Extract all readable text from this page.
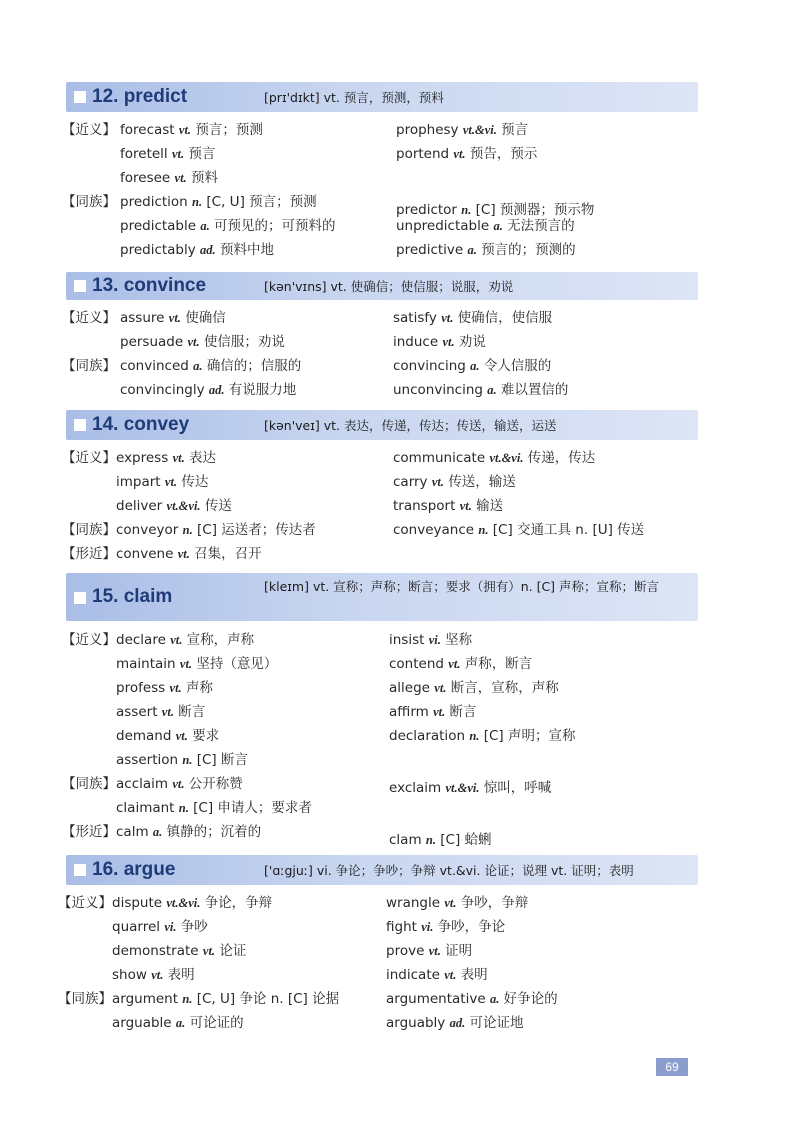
12. predict	[prɪ'dɪkt] vt. 预言，预测，预料
【近义】 forecast vt. 预言；预测	prophesy vt.&vi. 预言
foretell vt. 预言	portend vt. 预告，预示
foresee vt. 预料
【同族】 prediction n. [C, U] 预言；预测	predictor n. [C] 预测器；预示物
predictable a. 可预见的；可预料的	unpredictable a. 无法预言的
predictably ad. 预料中地	predictive a. 预言的；预测的
13. convince	[kən'vɪns] vt. 使确信；使信服；说服，劝说
【近义】 assure vt. 使确信	satisfy vt. 使确信，使信服
persuade vt. 使信服；劝说	induce vt. 劝说
【同族】 convinced a. 确信的；信服的	convincing a. 令人信服的
convincingly ad. 有说服力地	unconvincing a. 难以置信的
14. convey	[kən'veɪ] vt. 表达，传递，传达；传送，输送，运送
【近义】 express vt. 表达	communicate vt.&vi. 传递，传达
impart vt. 传达	carry vt. 传送，输送
deliver vt.&vi. 传送	transport vt. 输送
【同族】 conveyor n. [C] 运送者；传达者	conveyance n. [C] 交通工具 n. [U] 传送
【形近】 convene vt. 召集，召开
15. claim	[kleɪm] vt. 宣称；声称；断言；要求（拥有）n. [C] 声称；宣称；断言
【近义】 declare vt. 宣称，声称	insist vi. 坚称
maintain vt. 坚持（意见）	contend vt. 声称，断言
profess vt. 声称	allege vt. 断言，宣称，声称
assert vt. 断言	affirm vt. 断言
demand vt. 要求	declaration n. [C] 声明；宣称
assertion n. [C] 断言
【同族】 acclaim vt. 公开称赞	exclaim vt.&vi. 惊叫，呼喊
claimant n. [C] 申请人；要求者
【形近】 calm a. 镇静的；沉着的	clam n. [C] 蛤蜊
16. argue	['ɑːgjuː] vi. 争论；争吵；争辩 vt.&vi. 论证；说理 vt. 证明；表明
【近义】 dispute vt.&vi. 争论，争辩	wrangle vt. 争吵，争辩
quarrel vi. 争吵	fight vi. 争吵，争论
demonstrate vt. 论证	prove vt. 证明
show vt. 表明	indicate vt. 表明
【同族】 argument n. [C, U] 争论 n. [C] 论据	argumentative a. 好争论的
arguable a. 可论证的	arguably ad. 可论证地
69
